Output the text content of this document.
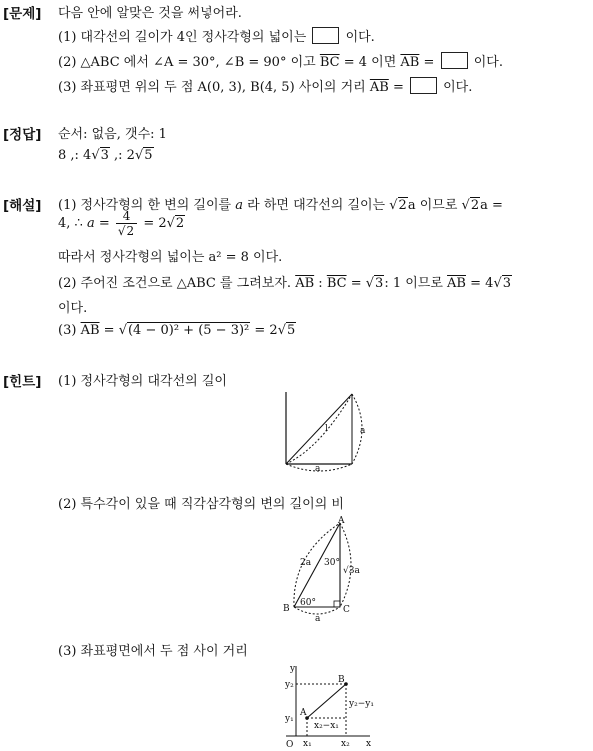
[문제] 다음 안에 알맞은 것을 써넣어라.
(1) 대각선의 길이가 4인 정사각형의 넓이는	이다.
(2) △ABC 에서 ∠A = 30°, ∠B = 90° 이고 $\overline{BC} = 4$ 이면 $\overline{AB}$ =	이다.
(3) 좌표평면 위의 두 점 A(0, 3), B(4, 5) 사이의 거리 $\overline{AB}$ =	이다.
[정답] 순서: 없음, 갯수: 1
8 ,: 4√3 ,: 2√5
[해설] (1) 정사각형의 한 변의 길이를 a 라 하면 대각선의 길이는 √2a 이므로 √2a =
4, ∴ $a = \frac{4}{√2} = 2√2$
따라서 정사각형의 넓이는 a² = 8 이다.
(2) 주어진 조건으로 △ABC 를 그려보자. $\overline{AB}$ : $\overline{BC} = √3$: 1 이므로 $\overline{AB} = 4√3$
이다.
(3) $\overline{AB} = √(4 - 0)^2 + (5 - 3)^2 = 2√5$
[힌트] (1) 정사각형의 대각선의 길이
l	a
a
(2) 특수각이 있을 때 직각삼각형의 변의 길이의 비
A
B	C
2a 30°
60°
√3a
a
(3) 좌표평면에서 두 점 사이 거리
y
x
O
A
B
y₂
y₁
x₁	x₂
y₂−y₁
x₂−x₁
